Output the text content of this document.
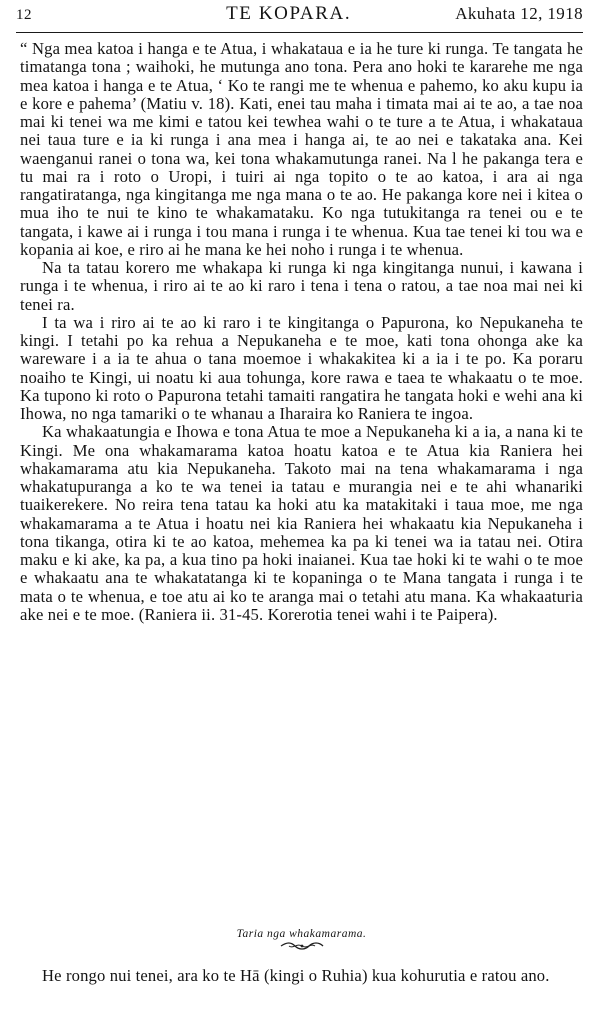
12	TE KOPARA.	Akuhata 12, 1918

“ Nga mea katoa i hanga e te Atua, i whakataua e ia he ture ki runga. Te tangata he timatanga tona ; waihoki, he mutunga ano tona. Pera ano hoki te kararehe me nga mea katoa i hanga e te Atua, ‘ Ko te rangi me te whenua e pahemo, ko aku kupu ia e kore e pahema’ (Matiu v. 18). Kati, enei tau maha i timata mai ai te ao, a tae noa mai ki tenei wa me kimi e tatou kei tewhea wahi o te ture a te Atua, i whakataua nei taua ture e ia ki runga i ana mea i hanga ai, te ao nei e takataka ana. Kei waenganui ranei o tona wa, kei tona whakamutunga ranei. Na l he pakanga tera e tu mai ra i roto o Uropi, i tuiri ai nga topito o te ao katoa, i ara ai nga rangatiratanga, nga kingitanga me nga mana o te ao. He pakanga kore nei i kitea o mua iho te nui te kino te whakamataku. Ko nga tutukitanga ra tenei ou e te tangata, i kawe ai i runga i tou mana i runga i te whenua. Kua tae tenei ki tou wa e kopania ai koe, e riro ai he mana ke hei noho i runga i te whenua.

Na ta tatau korero me whakapa ki runga ki nga kingitanga nunui, i kawana i runga i te whenua, i riro ai te ao ki raro i tena i tena o ratou, a tae noa mai nei ki tenei ra.

I ta wa i riro ai te ao ki raro i te kingitanga o Papurona, ko Nepukaneha te kingi. I tetahi po ka rehua a Nepukaneha e te moe, kati tona ohonga ake ka wareware i a ia te ahua o tana moemoe i whakakitea ki a ia i te po. Ka poraru noaiho te Kingi, ui noatu ki aua tohunga, kore rawa e taea te whakaatu o te moe. Ka tupono ki roto o Papurona tetahi tamaiti rangatira he tangata hoki e wehi ana ki Ihowa, no nga tamariki o te whanau a Iharaira ko Raniera te ingoa.

Ka whakaatungia e Ihowa e tona Atua te moe a Nepukaneha ki a ia, a nana ki te Kingi. Me ona whakamarama katoa hoatu katoa e te Atua kia Raniera hei whakamarama atu kia Nepukaneha. Takoto mai na tena whakamarama i nga whakatupuranga a ko te wa tenei ia tatau e murangia nei e te ahi whanariki tuaikerekere. No reira tena tatau ka hoki atu ka matakitaki i taua moe, me nga whakamarama a te Atua i hoatu nei kia Raniera hei whakaatu kia Nepukaneha i tona tikanga, otira ki te ao katoa, mehemea ka pa ki tenei wa ia tatau nei. Otira maku e ki ake, ka pa, a kua tino pa hoki inaianei. Kua tae hoki ki te wahi o te moe e whakaatu ana te whakatatanga ki te kopaninga o te Mana tangata i runga i te mata o te whenua, e toe atu ai ko te aranga mai o tetahi atu mana. Ka whakaaturia ake nei e te moe. (Raniera ii. 31-45. Korerotia tenei wahi i te Paipera).

Taria nga whakamarama.
He rongo nui tenei, ara ko te Hā (kingi o Ruhia) kua kohurutia e ratou ano.
